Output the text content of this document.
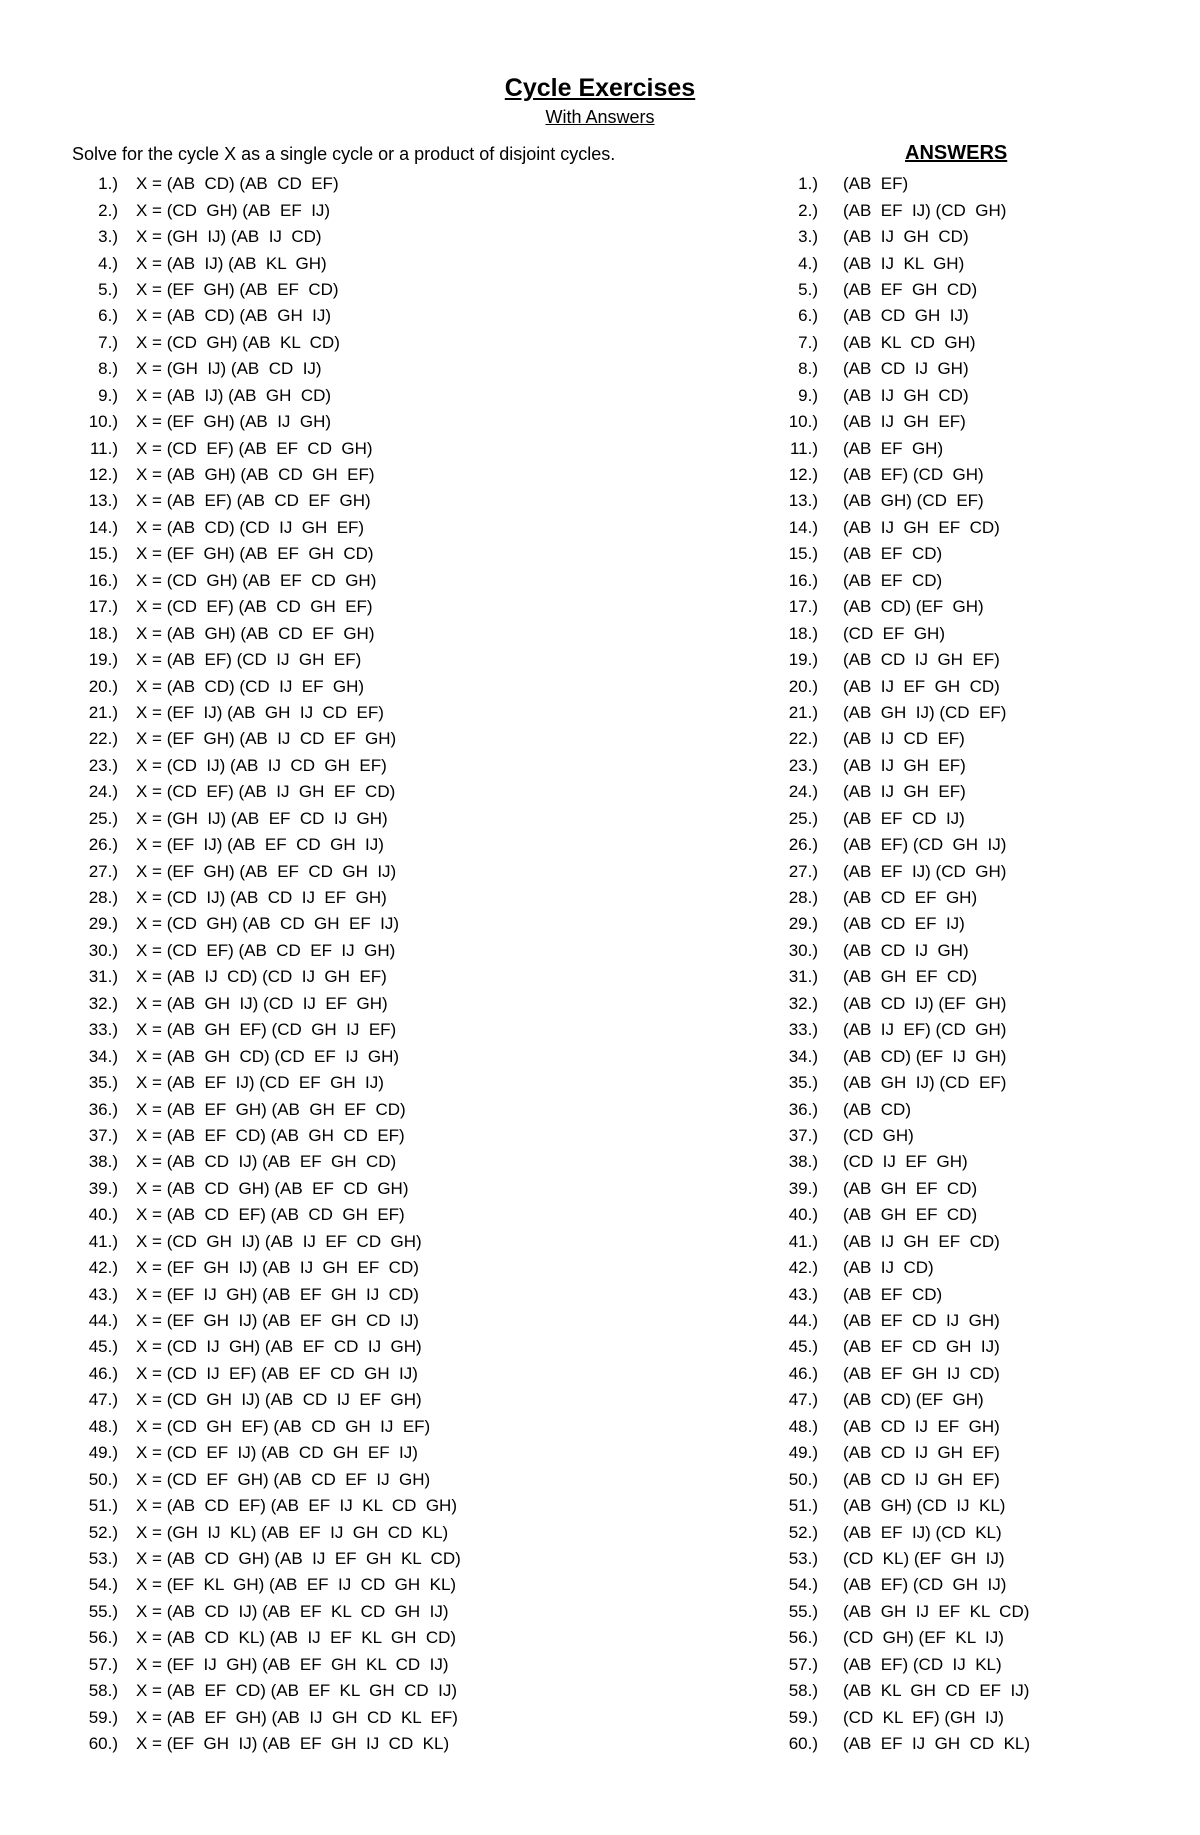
Cycle Exercises
With Answers
Solve for the cycle X as a single cycle or a product of disjoint cycles.	ANSWERS
1.) X = (AB  CD) (AB  CD  EF)
2.) X = (CD  GH) (AB  EF  IJ)
3.) X = (GH  IJ) (AB  IJ  CD)
4.) X = (AB  IJ) (AB  KL  GH)
5.) X = (EF  GH) (AB  EF  CD)
6.) X = (AB  CD) (AB  GH  IJ)
7.) X = (CD  GH) (AB  KL  CD)
8.) X = (GH  IJ) (AB  CD  IJ)
9.) X = (AB  IJ) (AB  GH  CD)
10.) X = (EF  GH) (AB  IJ  GH)
11.) X = (CD  EF) (AB  EF  CD  GH)
12.) X = (AB  GH) (AB  CD  GH  EF)
13.) X = (AB  EF) (AB  CD  EF  GH)
14.) X = (AB  CD) (CD  IJ  GH  EF)
15.) X = (EF  GH) (AB  EF  GH  CD)
16.) X = (CD  GH) (AB  EF  CD  GH)
17.) X = (CD  EF) (AB  CD  GH  EF)
18.) X = (AB  GH) (AB  CD  EF  GH)
19.) X = (AB  EF) (CD  IJ  GH  EF)
20.) X = (AB  CD) (CD  IJ  EF  GH)
21.) X = (EF  IJ) (AB  GH  IJ  CD  EF)
22.) X = (EF  GH) (AB  IJ  CD  EF  GH)
23.) X = (CD  IJ) (AB  IJ  CD  GH  EF)
24.) X = (CD  EF) (AB  IJ  GH  EF  CD)
25.) X = (GH  IJ) (AB  EF  CD  IJ  GH)
26.) X = (EF  IJ) (AB  EF  CD  GH  IJ)
27.) X = (EF  GH) (AB  EF  CD  GH  IJ)
28.) X = (CD  IJ) (AB  CD  IJ  EF  GH)
29.) X = (CD  GH) (AB  CD  GH  EF  IJ)
30.) X = (CD  EF) (AB  CD  EF  IJ  GH)
31.) X = (AB  IJ  CD) (CD  IJ  GH  EF)
32.) X = (AB  GH  IJ) (CD  IJ  EF  GH)
33.) X = (AB  GH  EF) (CD  GH  IJ  EF)
34.) X = (AB  GH  CD) (CD  EF  IJ  GH)
35.) X = (AB  EF  IJ) (CD  EF  GH  IJ)
36.) X = (AB  EF  GH) (AB  GH  EF  CD)
37.) X = (AB  EF  CD) (AB  GH  CD  EF)
38.) X = (AB  CD  IJ) (AB  EF  GH  CD)
39.) X = (AB  CD  GH) (AB  EF  CD  GH)
40.) X = (AB  CD  EF) (AB  CD  GH  EF)
41.) X = (CD  GH  IJ) (AB  IJ  EF  CD  GH)
42.) X = (EF  GH  IJ) (AB  IJ  GH  EF  CD)
43.) X = (EF  IJ  GH) (AB  EF  GH  IJ  CD)
44.) X = (EF  GH  IJ) (AB  EF  GH  CD  IJ)
45.) X = (CD  IJ  GH) (AB  EF  CD  IJ  GH)
46.) X = (CD  IJ  EF) (AB  EF  CD  GH  IJ)
47.) X = (CD  GH  IJ) (AB  CD  IJ  EF  GH)
48.) X = (CD  GH  EF) (AB  CD  GH  IJ  EF)
49.) X = (CD  EF  IJ) (AB  CD  GH  EF  IJ)
50.) X = (CD  EF  GH) (AB  CD  EF  IJ  GH)
51.) X = (AB  CD  EF) (AB  EF  IJ  KL  CD  GH)
52.) X = (GH  IJ  KL) (AB  EF  IJ  GH  CD  KL)
53.) X = (AB  CD  GH) (AB  IJ  EF  GH  KL  CD)
54.) X = (EF  KL  GH) (AB  EF  IJ  CD  GH  KL)
55.) X = (AB  CD  IJ) (AB  EF  KL  CD  GH  IJ)
56.) X = (AB  CD  KL) (AB  IJ  EF  KL  GH  CD)
57.) X = (EF  IJ  GH) (AB  EF  GH  KL  CD  IJ)
58.) X = (AB  EF  CD) (AB  EF  KL  GH  CD  IJ)
59.) X = (AB  EF  GH) (AB  IJ  GH  CD  KL  EF)
60.) X = (EF  GH  IJ) (AB  EF  GH  IJ  CD  KL)
1.) (AB  EF)
2.) (AB  EF  IJ) (CD  GH)
3.) (AB  IJ  GH  CD)
4.) (AB  IJ  KL  GH)
5.) (AB  EF  GH  CD)
6.) (AB  CD  GH  IJ)
7.) (AB  KL  CD  GH)
8.) (AB  CD  IJ  GH)
9.) (AB  IJ  GH  CD)
10.) (AB  IJ  GH  EF)
11.) (AB  EF  GH)
12.) (AB  EF) (CD  GH)
13.) (AB  GH) (CD  EF)
14.) (AB  IJ  GH  EF  CD)
15.) (AB  EF  CD)
16.) (AB  EF  CD)
17.) (AB  CD) (EF  GH)
18.) (CD  EF  GH)
19.) (AB  CD  IJ  GH  EF)
20.) (AB  IJ  EF  GH  CD)
21.) (AB  GH  IJ) (CD  EF)
22.) (AB  IJ  CD  EF)
23.) (AB  IJ  GH  EF)
24.) (AB  IJ  GH  EF)
25.) (AB  EF  CD  IJ)
26.) (AB  EF) (CD  GH  IJ)
27.) (AB  EF  IJ) (CD  GH)
28.) (AB  CD  EF  GH)
29.) (AB  CD  EF  IJ)
30.) (AB  CD  IJ  GH)
31.) (AB  GH  EF  CD)
32.) (AB  CD  IJ) (EF  GH)
33.) (AB  IJ  EF) (CD  GH)
34.) (AB  CD) (EF  IJ  GH)
35.) (AB  GH  IJ) (CD  EF)
36.) (AB  CD)
37.) (CD  GH)
38.) (CD  IJ  EF  GH)
39.) (AB  GH  EF  CD)
40.) (AB  GH  EF  CD)
41.) (AB  IJ  GH  EF  CD)
42.) (AB  IJ  CD)
43.) (AB  EF  CD)
44.) (AB  EF  CD  IJ  GH)
45.) (AB  EF  CD  GH  IJ)
46.) (AB  EF  GH  IJ  CD)
47.) (AB  CD) (EF  GH)
48.) (AB  CD  IJ  EF  GH)
49.) (AB  CD  IJ  GH  EF)
50.) (AB  CD  IJ  GH  EF)
51.) (AB  GH) (CD  IJ  KL)
52.) (AB  EF  IJ) (CD  KL)
53.) (CD  KL) (EF  GH  IJ)
54.) (AB  EF) (CD  GH  IJ)
55.) (AB  GH  IJ  EF  KL  CD)
56.) (CD  GH) (EF  KL  IJ)
57.) (AB  EF) (CD  IJ  KL)
58.) (AB  KL  GH  CD  EF  IJ)
59.) (CD  KL  EF) (GH  IJ)
60.) (AB  EF  IJ  GH  CD  KL)
